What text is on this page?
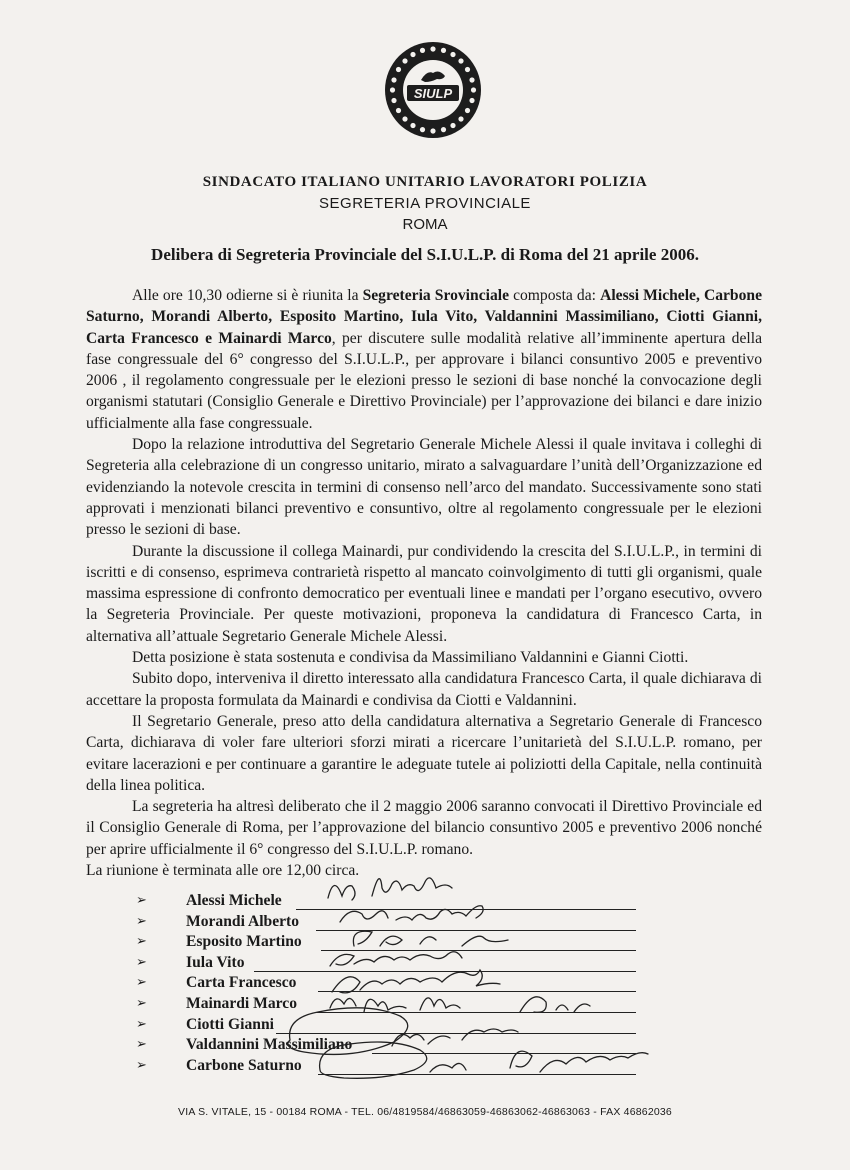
SIULP
SINDACATO ITALIANO UNITARIO LAVORATORI POLIZIA
SEGRETERIA PROVINCIALE
ROMA
Delibera di Segreteria Provinciale del S.I.U.L.P. di Roma del 21 aprile 2006.

Alle ore 10,30 odierne si è riunita la Segreteria Srovinciale composta da: Alessi Michele, Carbone Saturno, Morandi Alberto, Esposito Martino, Iula Vito, Valdannini Massimiliano, Ciotti Gianni, Carta Francesco e Mainardi Marco, per discutere sulle modalità relative all’imminente apertura della fase congressuale del 6° congresso del S.I.U.L.P., per approvare i bilanci consuntivo 2005 e preventivo 2006 , il regolamento congressuale per le elezioni presso le sezioni di base nonché la convocazione degli organismi statutari (Consiglio Generale e Direttivo Provinciale) per l’approvazione dei bilanci e dare inizio ufficialmente alla fase congressuale.

Dopo la relazione introduttiva del Segretario Generale Michele Alessi il quale invitava i colleghi di Segreteria alla celebrazione di un congresso unitario, mirato a salvaguardare l’unità dell’Organizzazione ed evidenziando la notevole crescita in termini di consenso nell’arco del mandato. Successivamente sono stati approvati i menzionati bilanci preventivo e consuntivo, oltre al regolamento congressuale per le elezioni presso le sezioni di base.

Durante la discussione il collega Mainardi, pur condividendo la crescita del S.I.U.L.P., in termini di iscritti e di consenso, esprimeva contrarietà rispetto al mancato coinvolgimento di tutti gli organismi, quale massima espressione di confronto democratico per eventuali linee e mandati per l’organo esecutivo, ovvero la Segreteria Provinciale. Per queste motivazioni, proponeva la candidatura di Francesco Carta, in alternativa all’attuale Segretario Generale Michele Alessi.

Detta posizione è stata sostenuta e condivisa da Massimiliano Valdannini e Gianni Ciotti.

Subito dopo, interveniva il diretto interessato alla candidatura Francesco Carta, il quale dichiarava di accettare la proposta formulata da Mainardi e condivisa da Ciotti e Valdannini.

Il Segretario Generale, preso atto della candidatura alternativa a Segretario Generale di Francesco Carta, dichiarava di voler fare ulteriori sforzi mirati a ricercare l’unitarietà del S.I.U.L.P. romano, per evitare lacerazioni e per continuare a garantire le adeguate tutele ai poliziotti della Capitale, nella continuità della linea politica.

La segreteria ha altresì deliberato che il 2 maggio 2006 saranno convocati il Direttivo Provinciale ed il Consiglio Generale di Roma, per l’approvazione del bilancio consuntivo 2005 e preventivo 2006 nonché per aprire ufficialmente il 6° congresso del S.I.U.L.P. romano.

La riunione è terminata alle ore 12,00 circa.

➢	Alessi Michele
➢	Morandi Alberto
➢	Esposito Martino
➢	Iula Vito
➢	Carta Francesco
➢	Mainardi Marco
➢	Ciotti Gianni
➢	Valdannini Massimiliano
➢	Carbone Saturno
VIA S. VITALE, 15 - 00184 ROMA - TEL. 06/4819584/46863059-46863062-46863063 - FAX 46862036
